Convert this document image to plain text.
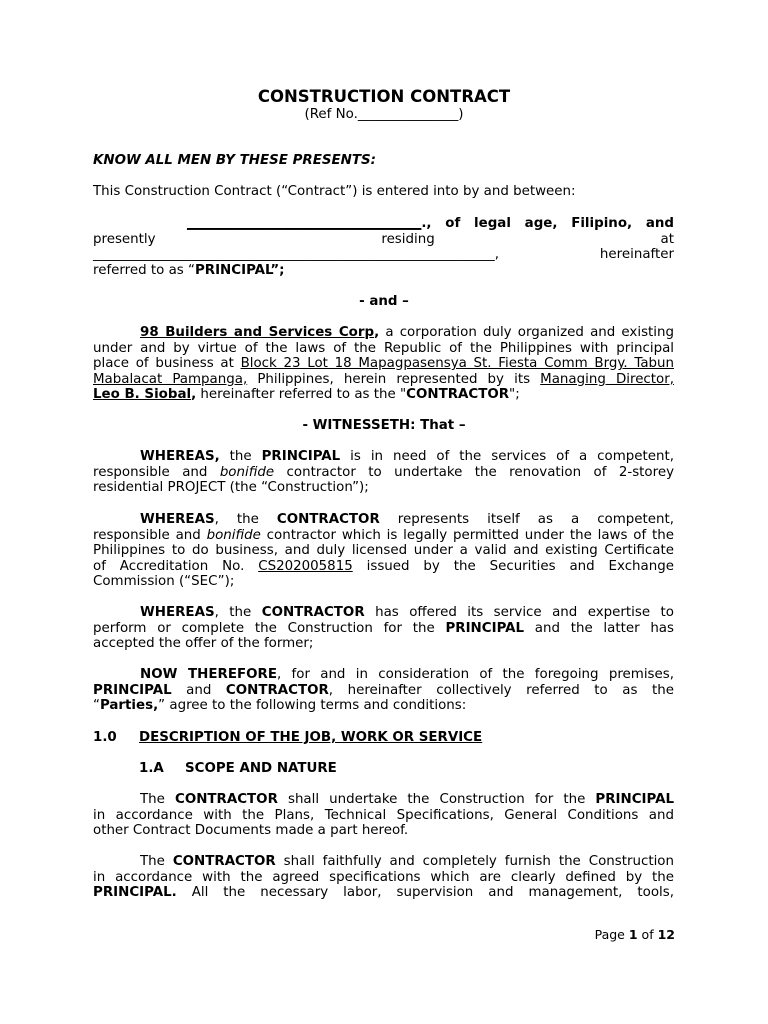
CONSTRUCTION CONTRACT
(Ref No._______________)
KNOW ALL MEN BY THESE PRESENTS:
This Construction Contract (“Contract”) is entered into by and between:
___________________________________., of legal age, Filipino, and
presently	residing	at
____________________________________________________________, hereinafter
referred to as “PRINCIPAL”;
- and –
98 Builders and Services Corp, a corporation duly organized and existing
under and by virtue of the laws of the Republic of the Philippines with principal
place of business at Block 23 Lot 18 Mapagpasensya St. Fiesta Comm Brgy. Tabun
Mabalacat Pampanga, Philippines, herein represented by its Managing Director,
Leo B. Siobal, hereinafter referred to as the "CONTRACTOR";
- WITNESSETH: That –
WHEREAS, the PRINCIPAL is in need of the services of a competent,
responsible and bonifide contractor to undertake the renovation of 2-storey
residential PROJECT (the “Construction”);
WHEREAS, the CONTRACTOR represents itself as a competent,
responsible and bonifide contractor which is legally permitted under the laws of the
Philippines to do business, and duly licensed under a valid and existing Certificate
of Accreditation No. CS202005815 issued by the Securities and Exchange
Commission (“SEC”);
WHEREAS, the CONTRACTOR has offered its service and expertise to
perform or complete the Construction for the PRINCIPAL and the latter has
accepted the offer of the former;
NOW THEREFORE, for and in consideration of the foregoing premises,
PRINCIPAL and CONTRACTOR, hereinafter collectively referred to as the
“Parties,” agree to the following terms and conditions:
1.0 DESCRIPTION OF THE JOB, WORK OR SERVICE
1.A SCOPE AND NATURE
The CONTRACTOR shall undertake the Construction for the PRINCIPAL
in accordance with the Plans, Technical Specifications, General Conditions and
other Contract Documents made a part hereof.
The CONTRACTOR shall faithfully and completely furnish the Construction
in accordance with the agreed specifications which are clearly defined by the
PRINCIPAL. All the necessary labor, supervision and management, tools,
Page 1 of 12
